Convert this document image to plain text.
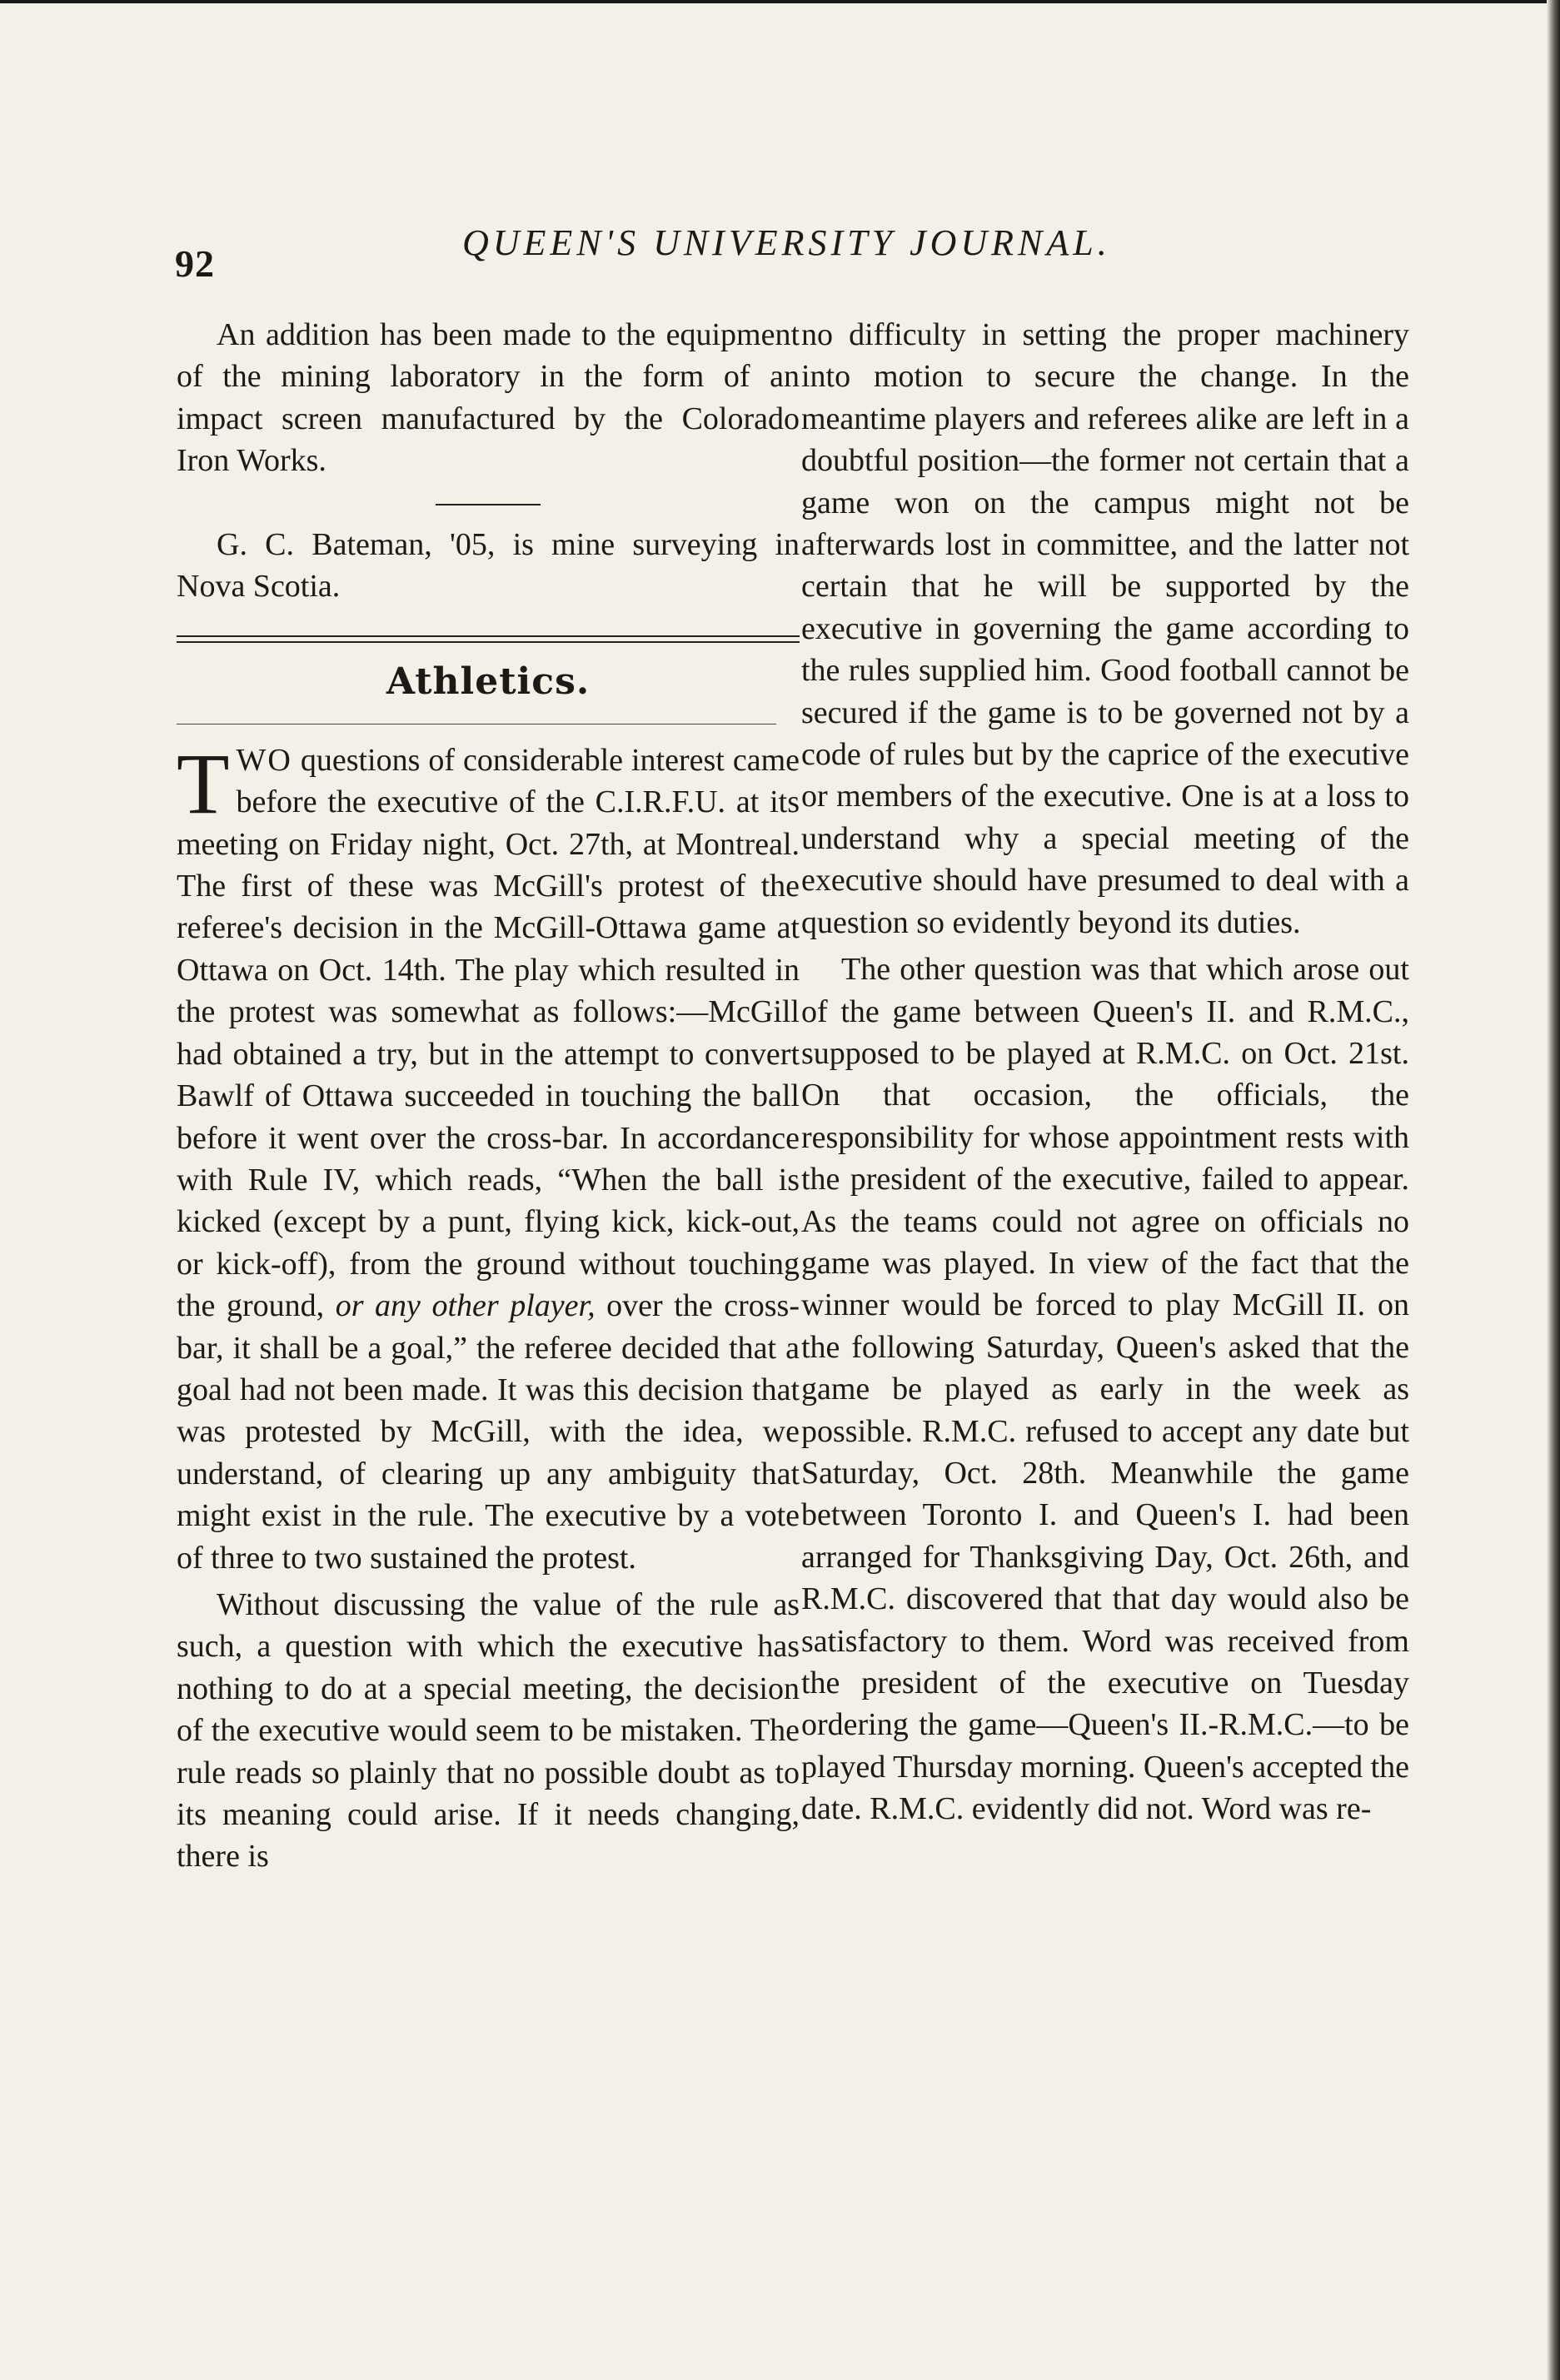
92	QUEEN'S UNIVERSITY JOURNAL.

An addition has been made to the equipment of the mining laboratory in the form of an impact screen manufactured by the Colorado Iron Works.

G. C. Bateman, '05, is mine surveying in Nova Scotia.

Athletics.

TWO questions of considerable interest came before the executive of the C.I.R.F.U. at its meeting on Friday night, Oct. 27th, at Montreal. The first of these was McGill's protest of the referee's decision in the McGill-Ottawa game at Ottawa on Oct. 14th. The play which resulted in the protest was somewhat as follows:—McGill had obtained a try, but in the attempt to convert Bawlf of Ottawa succeeded in touching the ball before it went over the cross-bar. In accordance with Rule IV, which reads, “When the ball is kicked (except by a punt, flying kick, kick-out, or kick-off), from the ground without touching the ground, or any other player, over the cross-bar, it shall be a goal,” the referee decided that a goal had not been made. It was this decision that was protested by McGill, with the idea, we understand, of clearing up any ambiguity that might exist in the rule. The executive by a vote of three to two sustained the protest.

Without discussing the value of the rule as such, a question with which the executive has nothing to do at a special meeting, the decision of the executive would seem to be mistaken. The rule reads so plainly that no possible doubt as to its meaning could arise. If it needs changing, there is

no difficulty in setting the proper machinery into motion to secure the change. In the meantime players and referees alike are left in a doubtful position—the former not certain that a game won on the campus might not be afterwards lost in committee, and the latter not certain that he will be supported by the executive in governing the game according to the rules supplied him. Good football cannot be secured if the game is to be governed not by a code of rules but by the caprice of the executive or members of the executive. One is at a loss to understand why a special meeting of the executive should have presumed to deal with a question so evidently beyond its duties.

The other question was that which arose out of the game between Queen's II. and R.M.C., supposed to be played at R.M.C. on Oct. 21st. On that occasion, the officials, the responsibility for whose appointment rests with the president of the executive, failed to appear. As the teams could not agree on officials no game was played. In view of the fact that the winner would be forced to play McGill II. on the following Saturday, Queen's asked that the game be played as early in the week as possible. R.M.C. refused to accept any date but Saturday, Oct. 28th. Meanwhile the game between Toronto I. and Queen's I. had been arranged for Thanksgiving Day, Oct. 26th, and R.M.C. discovered that that day would also be satisfactory to them. Word was received from the president of the executive on Tuesday ordering the game—Queen's II.-R.M.C.—to be played Thursday morning. Queen's accepted the date. R.M.C. evidently did not. Word was re-
